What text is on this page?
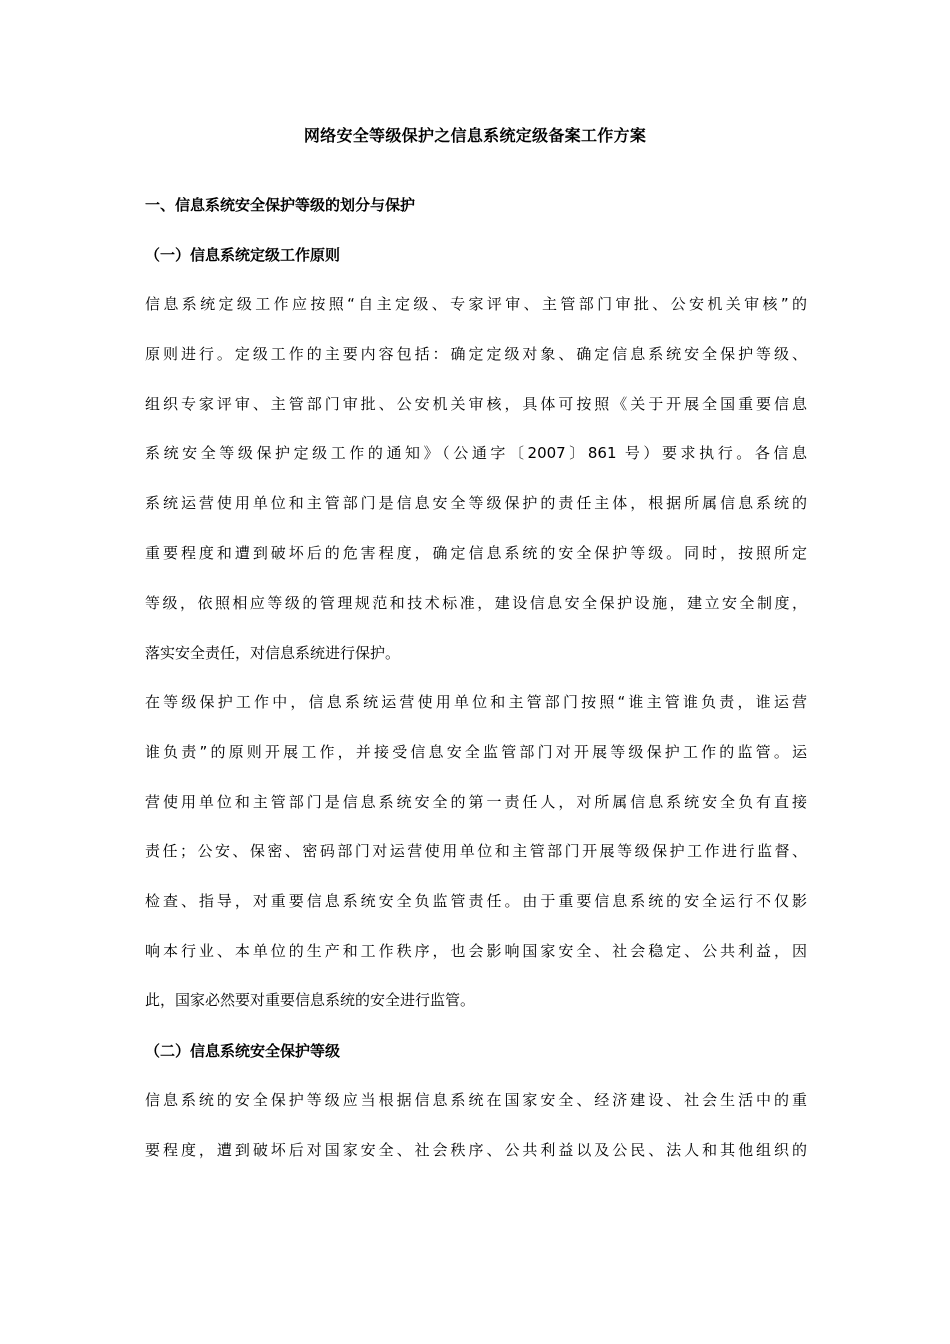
网络安全等级保护之信息系统定级备案工作方案
一、信息系统安全保护等级的划分与保护
（一）信息系统定级工作原则
信息系统定级工作应按照“自主定级、专家评审、主管部门审批、公安机关审核”的
原则进行。定级工作的主要内容包括：确定定级对象、确定信息系统安全保护等级、
组织专家评审、主管部门审批、公安机关审核，具体可按照《关于开展全国重要信息
系统安全等级保护定级工作的通知》（公通字〔2007〕861 号）要求执行。各信息
系统运营使用单位和主管部门是信息安全等级保护的责任主体，根据所属信息系统的
重要程度和遭到破坏后的危害程度，确定信息系统的安全保护等级。同时，按照所定
等级，依照相应等级的管理规范和技术标准，建设信息安全保护设施，建立安全制度，
落实安全责任，对信息系统进行保护。
在等级保护工作中，信息系统运营使用单位和主管部门按照“谁主管谁负责，谁运营
谁负责”的原则开展工作，并接受信息安全监管部门对开展等级保护工作的监管。运
营使用单位和主管部门是信息系统安全的第一责任人，对所属信息系统安全负有直接
责任；公安、保密、密码部门对运营使用单位和主管部门开展等级保护工作进行监督、
检查、指导，对重要信息系统安全负监管责任。由于重要信息系统的安全运行不仅影
响本行业、本单位的生产和工作秩序，也会影响国家安全、社会稳定、公共利益，因
此，国家必然要对重要信息系统的安全进行监管。
（二）信息系统安全保护等级
信息系统的安全保护等级应当根据信息系统在国家安全、经济建设、社会生活中的重
要程度，遭到破坏后对国家安全、社会秩序、公共利益以及公民、法人和其他组织的
